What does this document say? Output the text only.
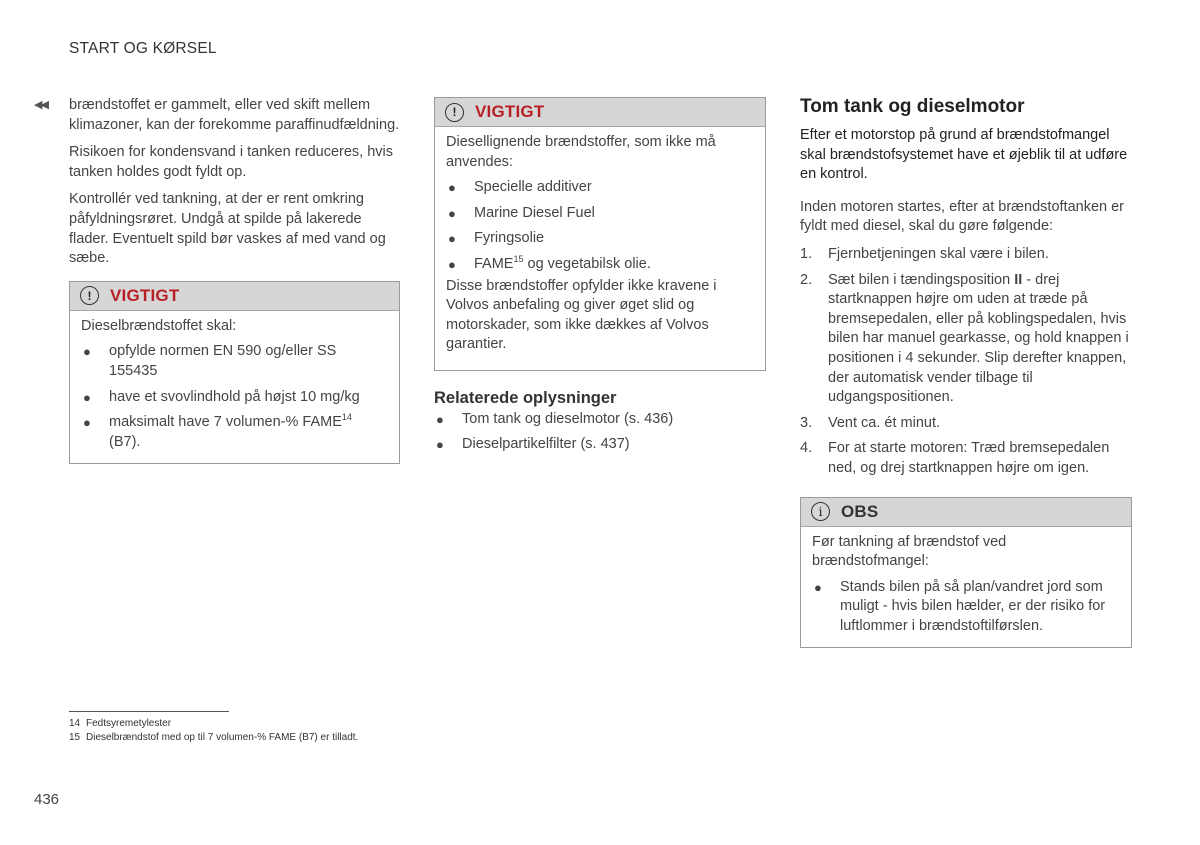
START OG KØRSEL
◀◀ brændstoffet er gammelt, eller ved skift mellem klimazoner, kan der forekomme paraffinudfældning.

Risikoen for kondensvand i tanken reduceres, hvis tanken holdes godt fyldt op.

Kontrollér ved tankning, at der er rent omkring påfyldningsrøret. Undgå at spilde på lakerede flader. Eventuelt spild bør vaskes af med vand og sæbe.

!	VIGTIGT

Dieselbrændstoffet skal:

● opfylde normen EN 590 og/eller SS 155435
● have et svovlindhold på højst 10 mg/kg
● maksimalt have 7 volumen-% FAME$^{14}$
(B7).
!	VIGTIGT

Diesellignende brændstoffer, som ikke må anvendes:

● Specielle additiver
● Marine Diesel Fuel
● Fyringsolie
● FAME$^{15}$ og vegetabilsk olie.

Disse brændstoffer opfylder ikke kravene i Volvos anbefaling og giver øget slid og motorskader, som ikke dækkes af Volvos garantier.

Relaterede oplysninger
● Tom tank og dieselmotor (s. 436)
● Dieselpartikelfilter (s. 437)
Tom tank og dieselmotor

Efter et motorstop på grund af brændstofmangel skal brændstofsystemet have et øjeblik til at udføre en kontrol.

Inden motoren startes, efter at brændstoftanken er fyldt med diesel, skal du gøre følgende:

1. Fjernbetjeningen skal være i bilen.
2. Sæt bilen i tændingsposition II - drej startknappen højre om uden at træde på bremsepedalen, eller på koblingspedalen, hvis bilen har manuel gearkasse, og hold knappen i positionen i 4 sekunder. Slip derefter knappen, der automatisk vender tilbage til udgangspositionen.
3. Vent ca. ét minut.
4. For at starte motoren: Træd bremsepedalen ned, og drej startknappen højre om igen.
i	OBS

Før tankning af brændstof ved brændstofmangel:

● Stands bilen på så plan/vandret jord som muligt - hvis bilen hælder, er der risiko for luftlommer i brændstoftilførslen.
14 Fedtsyremetylester
15 Dieselbrændstof med op til 7 volumen-% FAME (B7) er tilladt.
436
